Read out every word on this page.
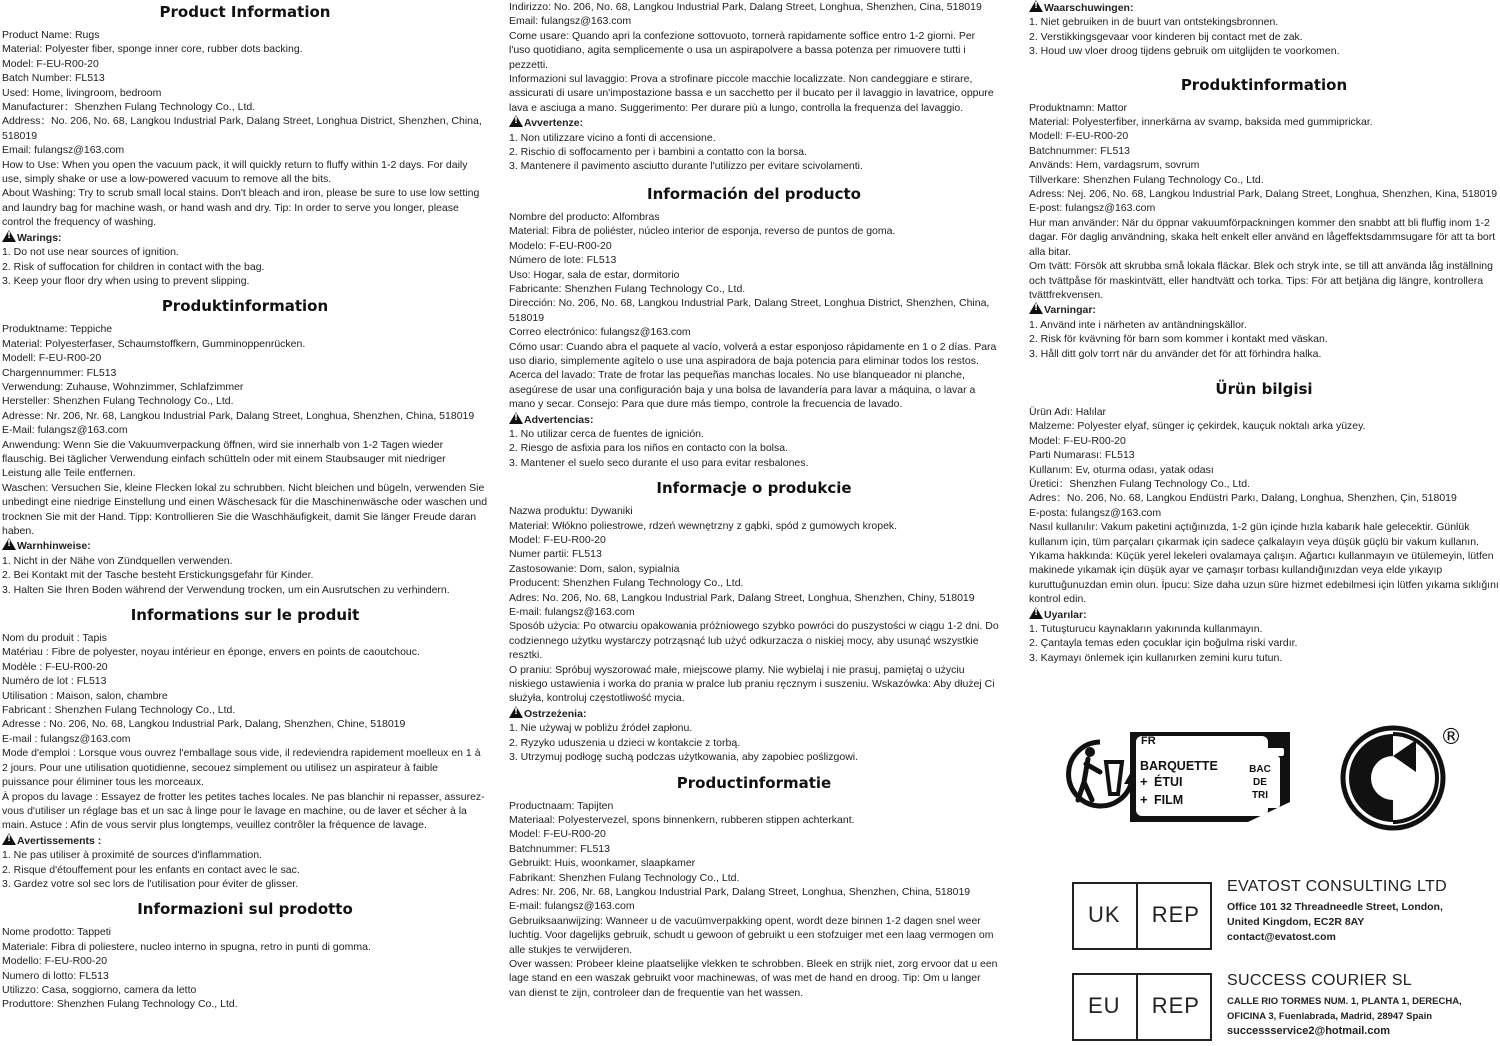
Product Information
Product Name: Rugs
Material: Polyester fiber, sponge inner core, rubber dots backing.
Model: F-EU-R00-20
Batch Number: FL513
Used: Home, livingroom, bedroom
Manufacturer：Shenzhen Fulang Technology Co., Ltd.
Address：No. 206, No. 68, Langkou Industrial Park, Dalang Street, Longhua District, Shenzhen, China, 518019
Email: fulangsz@163.com
How to Use: When you open the vacuum pack, it will quickly return to fluffy within 1-2 days. For daily use, simply shake or use a low-powered vacuum to remove all the bits.
About Washing: Try to scrub small local stains. Don't bleach and iron, please be sure to use low setting and laundry bag for machine wash, or hand wash and dry. Tip: In order to serve you longer, please control the frequency of washing.
!Warings:
1. Do not use near sources of ignition.
2. Risk of suffocation for children in contact with the bag.
3. Keep your floor dry when using to prevent slipping.
Produktinformation
Produktname: Teppiche
Material: Polyesterfaser, Schaumstoffkern, Gumminoppenrücken.
Modell: F-EU-R00-20
Chargennummer: FL513
Verwendung: Zuhause, Wohnzimmer, Schlafzimmer
Hersteller: Shenzhen Fulang Technology Co., Ltd.
Adresse: Nr. 206, Nr. 68, Langkou Industrial Park, Dalang Street, Longhua, Shenzhen, China, 518019
E-Mail: fulangsz@163.com
Anwendung: Wenn Sie die Vakuumverpackung öffnen, wird sie innerhalb von 1-2 Tagen wieder flauschig. Bei täglicher Verwendung einfach schütteln oder mit einem Staubsauger mit niedriger Leistung alle Teile entfernen.
Waschen: Versuchen Sie, kleine Flecken lokal zu schrubben. Nicht bleichen und bügeln, verwenden Sie unbedingt eine niedrige Einstellung und einen Wäschesack für die Maschinenwäsche oder waschen und trocknen Sie mit der Hand. Tipp: Kontrollieren Sie die Waschhäufigkeit, damit Sie länger Freude daran haben.
!Warnhinweise:
1. Nicht in der Nähe von Zündquellen verwenden.
2. Bei Kontakt mit der Tasche besteht Erstickungsgefahr für Kinder.
3. Halten Sie Ihren Boden während der Verwendung trocken, um ein Ausrutschen zu verhindern.
Informations sur le produit
Nom du produit : Tapis
Matériau : Fibre de polyester, noyau intérieur en éponge, envers en points de caoutchouc.
Modèle : F-EU-R00-20
Numéro de lot : FL513
Utilisation : Maison, salon, chambre
Fabricant : Shenzhen Fulang Technology Co., Ltd.
Adresse : No. 206, No. 68, Langkou Industrial Park, Dalang, Shenzhen, Chine, 518019
E-mail : fulangsz@163.com
Mode d'emploi : Lorsque vous ouvrez l'emballage sous vide, il redeviendra rapidement moelleux en 1 à 2 jours. Pour une utilisation quotidienne, secouez simplement ou utilisez un aspirateur à faible puissance pour éliminer tous les morceaux.
À propos du lavage : Essayez de frotter les petites taches locales. Ne pas blanchir ni repasser, assurez-vous d'utiliser un réglage bas et un sac à linge pour le lavage en machine, ou de laver et sécher à la main. Astuce : Afin de vous servir plus longtemps, veuillez contrôler la fréquence de lavage.
!Avertissements :
1. Ne pas utiliser à proximité de sources d'inflammation.
2. Risque d'étouffement pour les enfants en contact avec le sac.
3. Gardez votre sol sec lors de l'utilisation pour éviter de glisser.
Informazioni sul prodotto
Nome prodotto: Tappeti
Materiale: Fibra di poliestere, nucleo interno in spugna, retro in punti di gomma.
Modello: F-EU-R00-20
Numero di lotto: FL513
Utilizzo: Casa, soggiorno, camera da letto
Produttore: Shenzhen Fulang Technology Co., Ltd.
Indirizzo: No. 206, No. 68, Langkou Industrial Park, Dalang Street, Longhua, Shenzhen, Cina, 518019
Email: fulangsz@163.com
Come usare: Quando apri la confezione sottovuoto, tornerà rapidamente soffice entro 1-2 giorni. Per l'uso quotidiano, agita semplicemente o usa un aspirapolvere a bassa potenza per rimuovere tutti i pezzetti.
Informazioni sul lavaggio: Prova a strofinare piccole macchie localizzate. Non candeggiare e stirare, assicurati di usare un'impostazione bassa e un sacchetto per il bucato per il lavaggio in lavatrice, oppure lava e asciuga a mano. Suggerimento: Per durare più a lungo, controlla la frequenza del lavaggio.
!Avvertenze:
1. Non utilizzare vicino a fonti di accensione.
2. Rischio di soffocamento per i bambini a contatto con la borsa.
3. Mantenere il pavimento asciutto durante l'utilizzo per evitare scivolamenti.
Información del producto
Nombre del producto: Alfombras
Material: Fibra de poliéster, núcleo interior de esponja, reverso de puntos de goma.
Modelo: F-EU-R00-20
Número de lote: FL513
Uso: Hogar, sala de estar, dormitorio
Fabricante: Shenzhen Fulang Technology Co., Ltd.
Dirección: No. 206, No. 68, Langkou Industrial Park, Dalang Street, Longhua District, Shenzhen, China, 518019
Correo electrónico: fulangsz@163.com
Cómo usar: Cuando abra el paquete al vacío, volverá a estar esponjoso rápidamente en 1 o 2 días. Para uso diario, simplemente agítelo o use una aspiradora de baja potencia para eliminar todos los restos.
Acerca del lavado: Trate de frotar las pequeñas manchas locales. No use blanqueador ni planche, asegúrese de usar una configuración baja y una bolsa de lavandería para lavar a máquina, o lavar a mano y secar. Consejo: Para que dure más tiempo, controle la frecuencia de lavado.
!Advertencias:
1. No utilizar cerca de fuentes de ignición.
2. Riesgo de asfixia para los niños en contacto con la bolsa.
3. Mantener el suelo seco durante el uso para evitar resbalones.
Informacje o produkcie
Nazwa produktu: Dywaniki
Materiał: Włókno poliestrowe, rdzeń wewnętrzny z gąbki, spód z gumowych kropek.
Model: F-EU-R00-20
Numer partii: FL513
Zastosowanie: Dom, salon, sypialnia
Producent: Shenzhen Fulang Technology Co., Ltd.
Adres: No. 206, No. 68, Langkou Industrial Park, Dalang Street, Longhua, Shenzhen, Chiny, 518019
E-mail: fulangsz@163.com
Sposób użycia: Po otwarciu opakowania próżniowego szybko powróci do puszystości w ciągu 1-2 dni. Do codziennego użytku wystarczy potrząsnąć lub użyć odkurzacza o niskiej mocy, aby usunąć wszystkie resztki.
O praniu: Spróbuj wyszorować małe, miejscowe plamy. Nie wybielaj i nie prasuj, pamiętaj o użyciu niskiego ustawienia i worka do prania w pralce lub praniu ręcznym i suszeniu. Wskazówka: Aby dłużej Ci służyła, kontroluj częstotliwość mycia.
!Ostrzeżenia:
1. Nie używaj w pobliżu źródeł zapłonu.
2. Ryzyko uduszenia u dzieci w kontakcie z torbą.
3. Utrzymuj podłogę suchą podczas użytkowania, aby zapobiec poślizgowi.
Productinformatie
Productnaam: Tapijten
Materiaal: Polyestervezel, spons binnenkern, rubberen stippen achterkant.
Model: F-EU-R00-20
Batchnummer: FL513
Gebruikt: Huis, woonkamer, slaapkamer
Fabrikant: Shenzhen Fulang Technology Co., Ltd.
Adres: Nr. 206, Nr. 68, Langkou Industrial Park, Dalang Street, Longhua, Shenzhen, China, 518019
E-mail: fulangsz@163.com
Gebruiksaanwijzing: Wanneer u de vacuümverpakking opent, wordt deze binnen 1-2 dagen snel weer luchtig. Voor dagelijks gebruik, schudt u gewoon of gebruikt u een stofzuiger met een laag vermogen om alle stukjes te verwijderen.
Over wassen: Probeer kleine plaatselijke vlekken te schrobben. Bleek en strijk niet, zorg ervoor dat u een lage stand en een waszak gebruikt voor machinewas, of was met de hand en droog. Tip: Om u langer van dienst te zijn, controleer dan de frequentie van het wassen.
!Waarschuwingen:
1. Niet gebruiken in de buurt van ontstekingsbronnen.
2. Verstikkingsgevaar voor kinderen bij contact met de zak.
3. Houd uw vloer droog tijdens gebruik om uitglijden te voorkomen.
Produktinformation
Produktnamn: Mattor
Material: Polyesterfiber, innerkärna av svamp, baksida med gummiprickar.
Modell: F-EU-R00-20
Batchnummer: FL513
Används: Hem, vardagsrum, sovrum
Tillverkare: Shenzhen Fulang Technology Co., Ltd.
Adress: Nej. 206, No. 68, Langkou Industrial Park, Dalang Street, Longhua, Shenzhen, Kina, 518019
E-post: fulangsz@163.com
Hur man använder: När du öppnar vakuumförpackningen kommer den snabbt att bli fluffig inom 1-2 dagar. För daglig användning, skaka helt enkelt eller använd en lågeffektsdammsugare för att ta bort alla bitar.
Om tvätt: Försök att skrubba små lokala fläckar. Blek och stryk inte, se till att använda låg inställning och tvättpåse för maskintvätt, eller handtvätt och torka. Tips: För att betjäna dig längre, kontrollera tvättfrekvensen.
!Varningar:
1. Använd inte i närheten av antändningskällor.
2. Risk för kvävning för barn som kommer i kontakt med väskan.
3. Håll ditt golv torrt när du använder det för att förhindra halka.
Ürün bilgisi
Ürün Adı: Halılar
Malzeme: Polyester elyaf, sünger iç çekirdek, kauçuk noktalı arka yüzey.
Model: F-EU-R00-20
Parti Numarası: FL513
Kullanım: Ev, oturma odası, yatak odası
Üretici：Shenzhen Fulang Technology Co., Ltd.
Adres：No. 206, No. 68, Langkou Endüstri Parkı, Dalang, Longhua, Shenzhen, Çin, 518019
E-posta: fulangsz@163.com
Nasıl kullanılır: Vakum paketini açtığınızda, 1-2 gün içinde hızla kabarık hale gelecektir. Günlük kullanım için, tüm parçaları çıkarmak için sadece çalkalayın veya düşük güçlü bir vakum kullanın.
Yıkama hakkında: Küçük yerel lekeleri ovalamaya çalışın. Ağartıcı kullanmayın ve ütülemeyin, lütfen makinede yıkamak için düşük ayar ve çamaşır torbası kullandığınızdan veya elde yıkayıp kuruttuğunuzdan emin olun. İpucu: Size daha uzun süre hizmet edebilmesi için lütfen yıkama sıklığını kontrol edin.
!Uyarılar:
1. Tutuşturucu kaynakların yakınında kullanmayın.
2. Çantayla temas eden çocuklar için boğulma riski vardır.
3. Kaymayı önlemek için kullanırken zemini kuru tutun.
FR
BARQUETTE
+ ÉTUI
+ FILM
BAC
DE
TRI
®
UK REP
EVATOST CONSULTING LTD
Office 101 32 Threadneedle Street, London,
United Kingdom, EC2R 8AY
contact@evatost.com
EU REP
SUCCESS COURIER SL
CALLE RIO TORMES NUM. 1, PLANTA 1, DERECHA,
OFICINA 3, Fuenlabrada, Madrid, 28947 Spain
successservice2@hotmail.com
